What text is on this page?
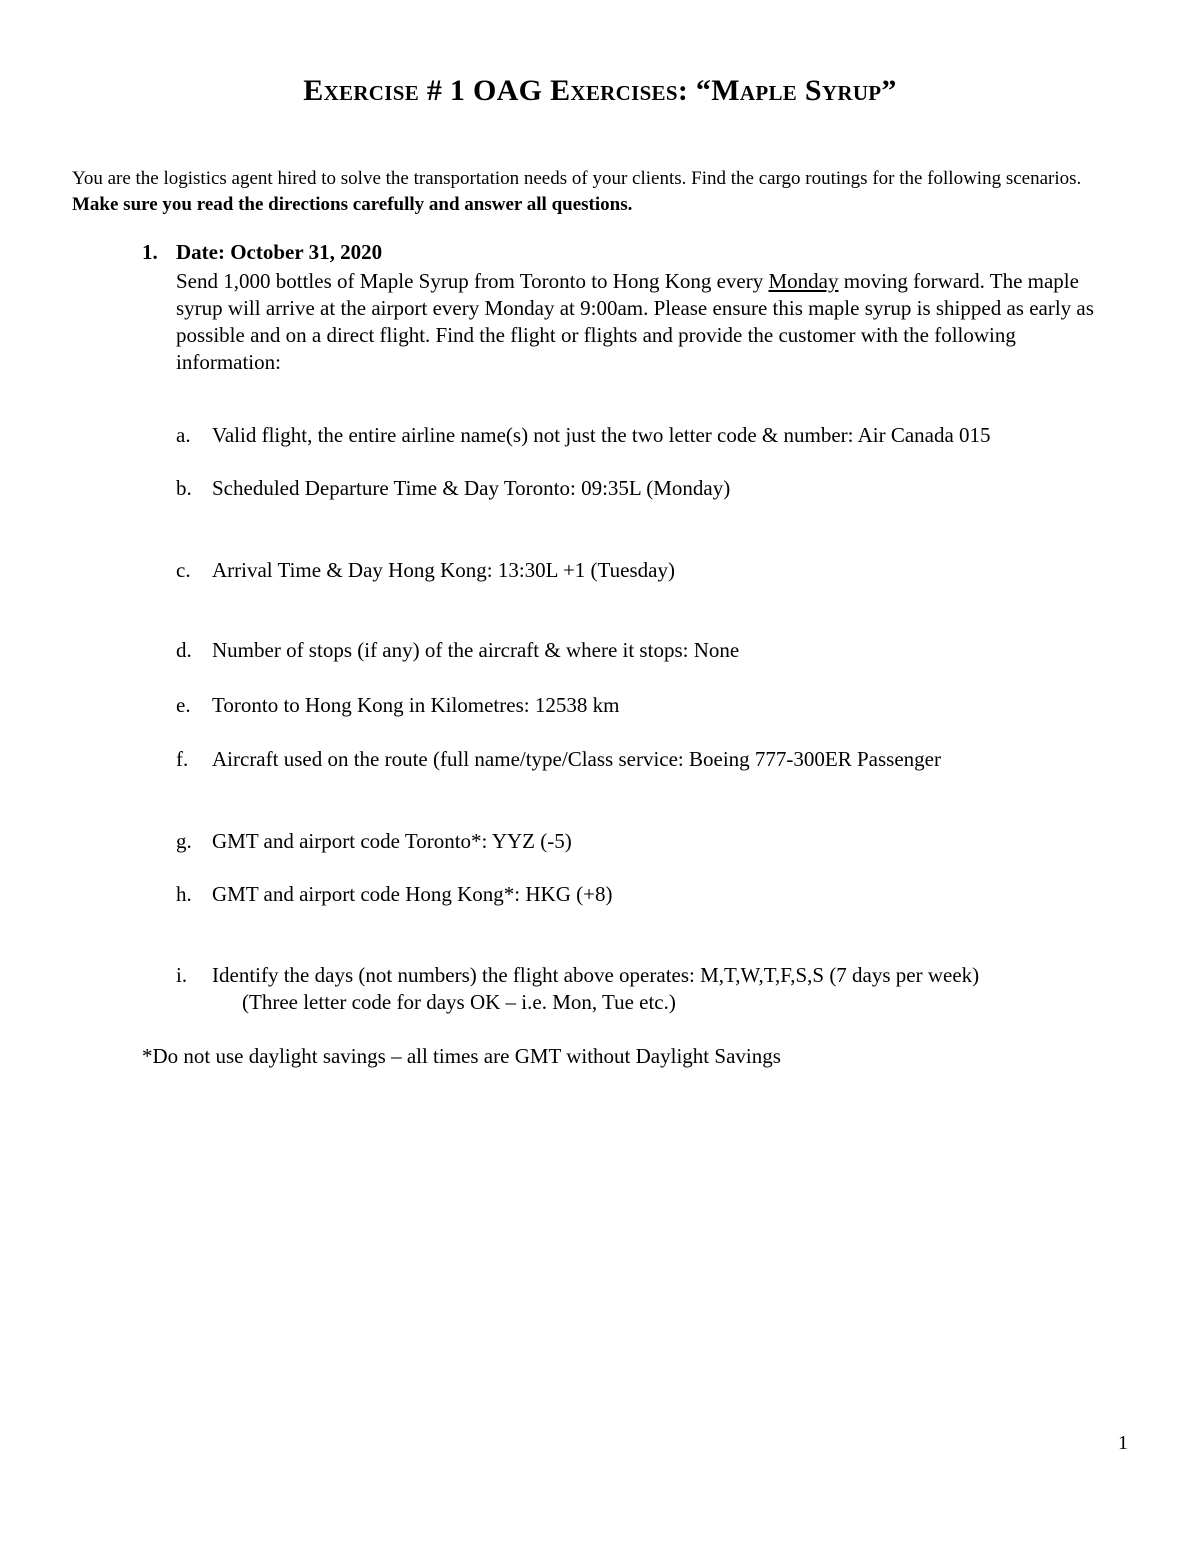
Exercise # 1 OAG Exercises: “Maple Syrup”
You are the logistics agent hired to solve the transportation needs of your clients. Find the cargo routings for the following scenarios. Make sure you read the directions carefully and answer all questions.
1. Date: October 31, 2020
Send 1,000 bottles of Maple Syrup from Toronto to Hong Kong every Monday moving forward. The maple syrup will arrive at the airport every Monday at 9:00am. Please ensure this maple syrup is shipped as early as possible and on a direct flight. Find the flight or flights and provide the customer with the following information:
a. Valid flight, the entire airline name(s) not just the two letter code & number: Air Canada 015
b. Scheduled Departure Time & Day Toronto: 09:35L (Monday)
c. Arrival Time & Day Hong Kong: 13:30L +1 (Tuesday)
d. Number of stops (if any) of the aircraft & where it stops: None
e. Toronto to Hong Kong in Kilometres: 12538 km
f. Aircraft used on the route (full name/type/Class service: Boeing 777-300ER Passenger
g. GMT and airport code Toronto*: YYZ (-5)
h. GMT and airport code Hong Kong*: HKG (+8)
i. Identify the days (not numbers) the flight above operates: M,T,W,T,F,S,S (7 days per week)
(Three letter code for days OK – i.e. Mon, Tue etc.)
*Do not use daylight savings – all times are GMT without Daylight Savings
1
